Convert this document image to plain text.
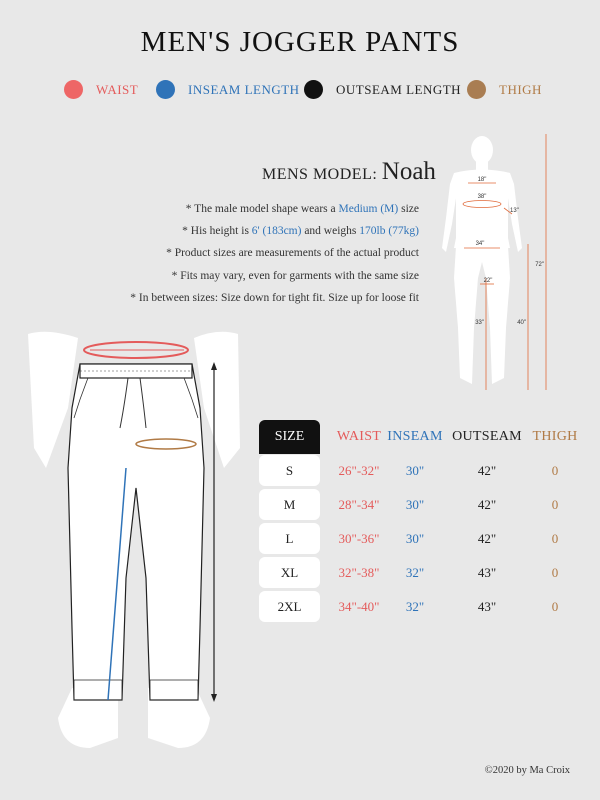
MEN'S JOGGER PANTS
WAIST	INSEAM LENGTH	OUTSEAM LENGTH	THIGH
MENS MODEL: Noah
* The male model shape wears a Medium (M) size
* His height is 6' (183cm) and weighs 170lb (77kg)
* Product sizes are measurements of the actual product
* Fits may vary, even for garments with the same size
* In between sizes: Size down for tight fit. Size up for loose fit
18"
38"
13"
34"
22"
33"	40"
72"
SIZE	WAIST INSEAM OUTSEAM THIGH
S	26"-32"	30"	42"	0
M	28"-34"	30"	42"	0
L	30"-36"	30"	42"	0
XL	32"-38"	32"	43"	0
2XL	34"-40"	32"	43"	0
©2020 by Ma Croix
